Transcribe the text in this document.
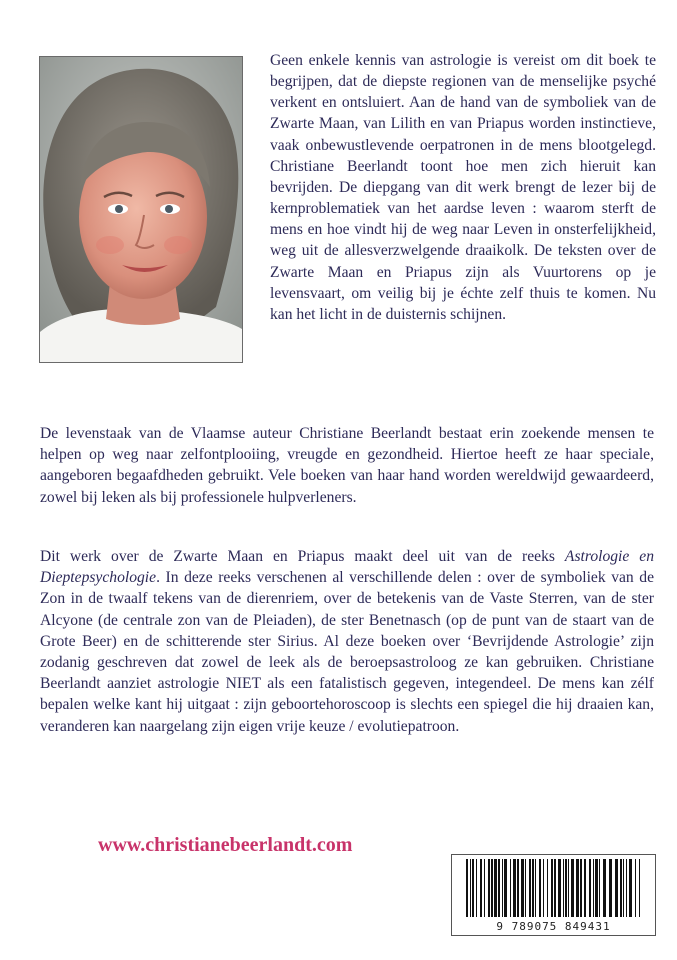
Geen enkele kennis van astrologie is vereist om dit boek te begrijpen, dat de diepste regionen van de menselijke psyché verkent en ontsluiert. Aan de hand van de symboliek van de Zwarte Maan, van Lilith en van Priapus worden instinctieve, vaak onbewustlevende oerpatronen in de mens blootgelegd. Christiane Beerlandt toont hoe men zich hieruit kan bevrijden. De diepgang van dit werk brengt de lezer bij de kernproblematiek van het aardse leven : waarom sterft de mens en hoe vindt hij de weg naar Leven in onsterfelijkheid, weg uit de allesverzwelgende draaikolk. De teksten over de Zwarte Maan en Priapus zijn als Vuurtorens op je levensvaart, om veilig bij je échte zelf thuis te komen. Nu kan het licht in de duisternis schijnen.

De levenstaak van de Vlaamse auteur Christiane Beerlandt bestaat erin zoekende mensen te helpen op weg naar zelfontplooiing, vreugde en gezondheid. Hiertoe heeft ze haar speciale, aangeboren begaafdheden gebruikt. Vele boeken van haar hand worden wereldwijd gewaardeerd, zowel bij leken als bij professionele hulpverleners.

Dit werk over de Zwarte Maan en Priapus maakt deel uit van de reeks Astrologie en Dieptepsychologie. In deze reeks verschenen al verschillende delen : over de symboliek van de Zon in de twaalf tekens van de dierenriem, over de betekenis van de Vaste Sterren, van de ster Alcyone (de centrale zon van de Pleiaden), de ster Benetnasch (op de punt van de staart van de Grote Beer) en de schitterende ster Sirius. Al deze boeken over ‘Bevrijdende Astrologie’ zijn zodanig geschreven dat zowel de leek als de beroepsastroloog ze kan gebruiken. Christiane Beerlandt aanziet astrologie NIET als een fatalistisch gegeven, integendeel. De mens kan zélf bepalen welke kant hij uitgaat : zijn geboortehoroscoop is slechts een spiegel die hij draaien kan, veranderen kan naargelang zijn eigen vrije keuze / evolutiepatroon.

www.christianebeerlandt.com

9 789075 849431
